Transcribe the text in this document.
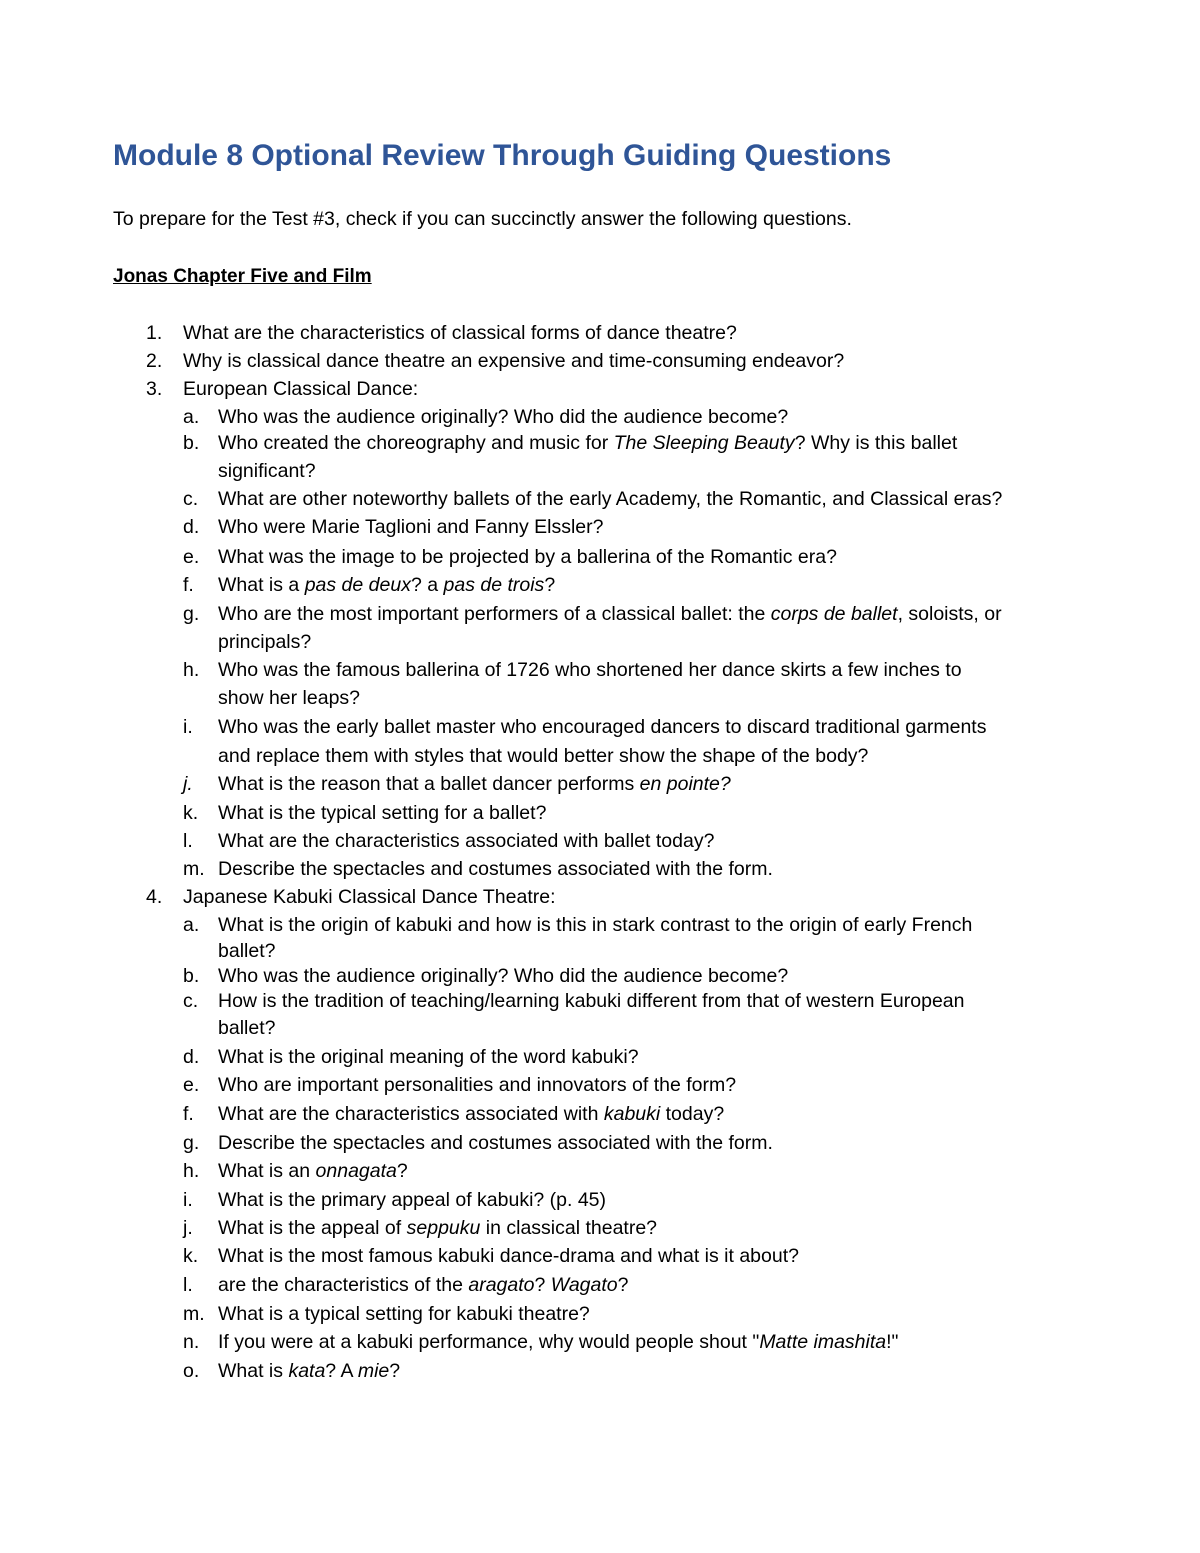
Module 8 Optional Review Through Guiding Questions

To prepare for the Test #3, check if you can succinctly answer the following questions.

Jonas Chapter Five and Film

1.	What are the characteristics of classical forms of dance theatre?
2.	Why is classical dance theatre an expensive and time-consuming endeavor?
3.	European Classical Dance:
a. Who was the audience originally? Who did the audience become?
b. Who created the choreography and music for The Sleeping Beauty? Why is this ballet
significant?
c.	What are other noteworthy ballets of the early Academy, the Romantic, and Classical eras?
d. Who were Marie Taglioni and Fanny Elssler?
e. What was the image to be projected by a ballerina of the Romantic era?
f.	What is a pas de deux? a pas de trois?
g. Who are the most important performers of a classical ballet: the corps de ballet, soloists, or
principals?
h. Who was the famous ballerina of 1726 who shortened her dance skirts a few inches to
show her leaps?
i.	Who was the early ballet master who encouraged dancers to discard traditional garments
and replace them with styles that would better show the shape of the body?
j.	What is the reason that a ballet dancer performs en pointe?
k.	What is the typical setting for a ballet?
l.	What are the characteristics associated with ballet today?
m. Describe the spectacles and costumes associated with the form.
4.	Japanese Kabuki Classical Dance Theatre:
a. What is the origin of kabuki and how is this in stark contrast to the origin of early French
ballet?
b. Who was the audience originally? Who did the audience become?
c.	How is the tradition of teaching/learning kabuki different from that of western European
ballet?
d. What is the original meaning of the word kabuki?
e. Who are important personalities and innovators of the form?
f.	What are the characteristics associated with kabuki today?
g. Describe the spectacles and costumes associated with the form.
h. What is an onnagata?
i.	What is the primary appeal of kabuki? (p. 45)
j.	What is the appeal of seppuku in classical theatre?
k.	What is the most famous kabuki dance-drama and what is it about?
l.	are the characteristics of the aragato? Wagato?
m. What is a typical setting for kabuki theatre?
n. If you were at a kabuki performance, why would people shout "Matte imashita!"
o. What is kata? A mie?
